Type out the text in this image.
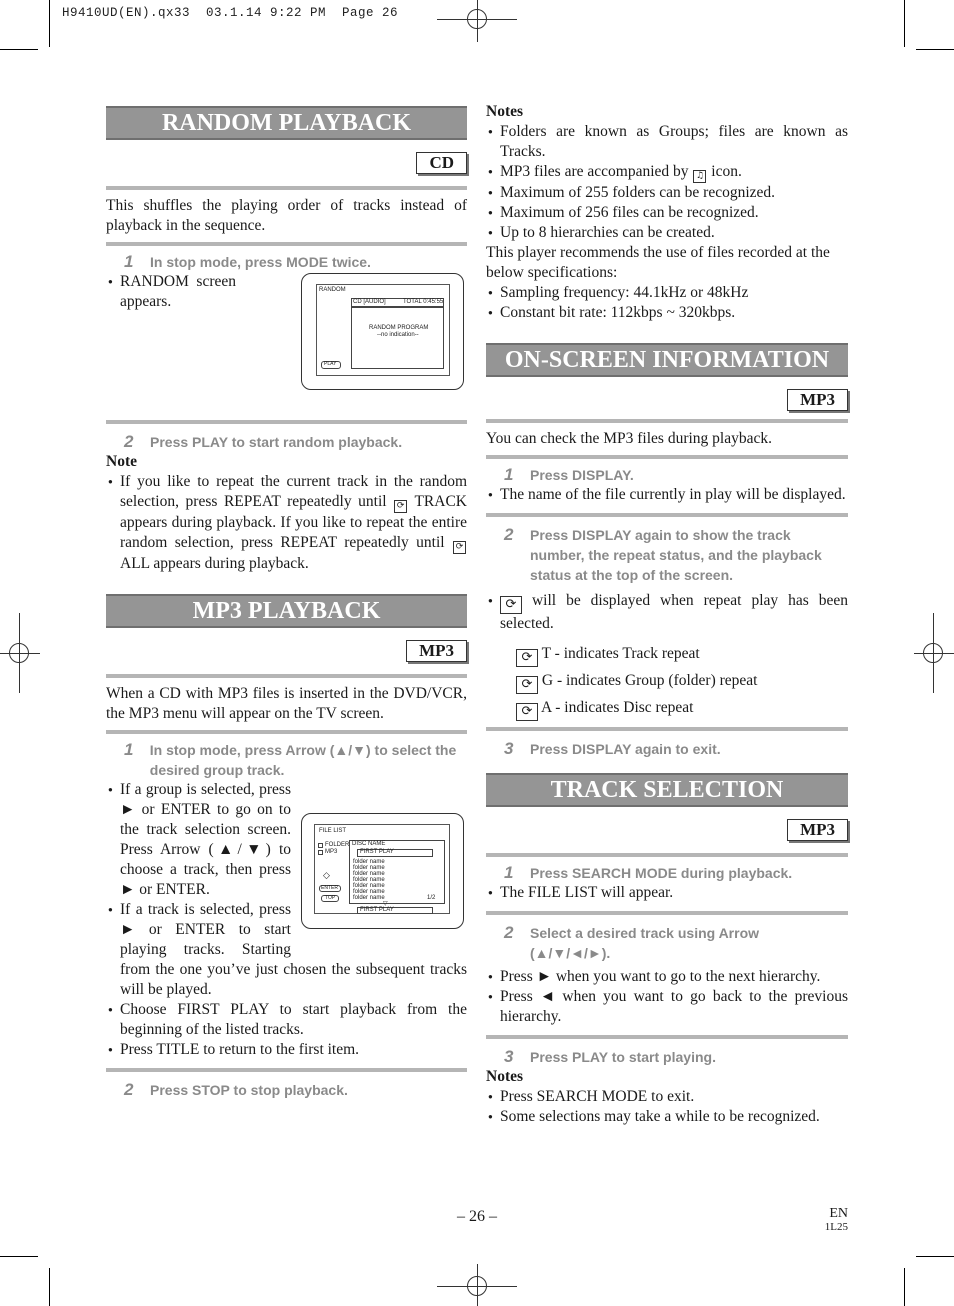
H9410UD(EN).qx33  03.1.14 9:22 PM  Page 26
RANDOM PLAYBACK
CD
This shuffles the playing order of tracks instead of playback in the sequence.
1	In stop mode, press MODE twice.
● RANDOM screen appears.
2	Press PLAY to start random playback.
Note
● If you like to repeat the current track in the random selection, press REPEAT repeatedly until ⟳ TRACK appears during playback. If you like to repeat the entire random selection, press REPEAT repeatedly until ⟳ ALL appears during playback.
MP3 PLAYBACK
MP3
When a CD with MP3 files is inserted in the DVD/VCR, the MP3 menu will appear on the TV screen.
1	In stop mode, press Arrow (▲/▼) to select the desired group track.
● If a group is selected, press ► or ENTER to go on to the track selection screen. Press Arrow (▲/▼) to choose a track, then press ► or ENTER.
● If a track is selected, press ► or ENTER to start playing tracks. Starting from the one you’ve just chosen the subsequent tracks will be played.
● Choose FIRST PLAY to start playback from the beginning of the listed tracks.
● Press TITLE to return to the first item.
2	Press STOP to stop playback.
RANDOM
CD [AUDIO]	TOTAL 0:45:55
RANDOM PROGRAM
--no indication--
PLAY
FILE LIST
FOLDER
MP3
DISC NAME
FIRST PLAY
folder name
folder name
folder name
folder name
folder name
folder name
folder name	1/2
◇
ENTER
TOP
▽
FIRST PLAY
Notes
● Folders are known as Groups; files are known as Tracks.
● MP3 files are accompanied by ♫ icon.
● Maximum of 255 folders can be recognized.
● Maximum of 256 files can be recognized.
● Up to 8 hierarchies can be created.
This player recommends the use of files recorded at the below specifications:
● Sampling frequency: 44.1kHz or 48kHz
● Constant bit rate: 112kbps ~ 320kbps.
ON-SCREEN INFORMATION
MP3
You can check the MP3 files during playback.
1	Press DISPLAY.
● The name of the file currently in play will be displayed.
2	Press DISPLAY again to show the track number, the repeat status, and the playback status at the top of the screen.
● ⟳ will be displayed when repeat play has been selected.
⟳ T - indicates Track repeat
⟳ G - indicates Group (folder) repeat
⟳ A - indicates Disc repeat
3	Press DISPLAY again to exit.
TRACK SELECTION
MP3
1	Press SEARCH MODE during playback.
● The FILE LIST will appear.
2	Select a desired track using Arrow (▲/▼/◄/►).
● Press ► when you want to go to the next hierarchy.
● Press ◄ when you want to go back to the previous hierarchy.
3	Press PLAY to start playing.
Notes
● Press SEARCH MODE to exit.
● Some selections may take a while to be recognized.
– 26 –	EN
1L25
